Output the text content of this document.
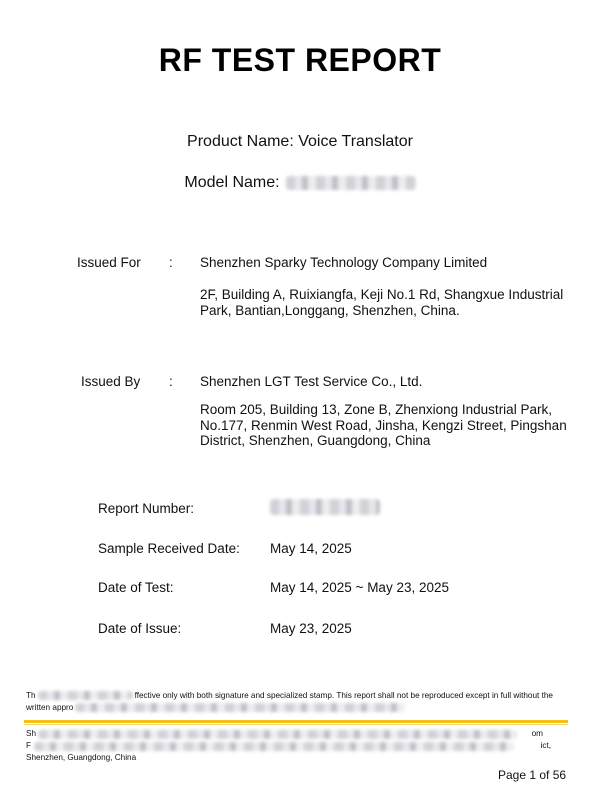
RF TEST REPORT
Product Name: Voice Translator
Model Name:
Issued For : Shenzhen Sparky Technology Company Limited
2F, Building A, Ruixiangfa, Keji No.1 Rd, Shangxue Industrial Park, Bantian,Longgang, Shenzhen, China.
Issued By : Shenzhen LGT Test Service Co., Ltd.
Room 205, Building 13, Zone B, Zhenxiong Industrial Park, No.177, Renmin West Road, Jinsha, Kengzi Street, Pingshan District, Shenzhen, Guangdong, China
Report Number:
Sample Received Date: May 14, 2025
Date of Test:	May 14, 2025 ~ May 23, 2025
Date of Issue:	May 23, 2025
Th	ffective only with both signature and specialized stamp. This report shall not be reproduced except in full without the
written appro
Sh	om
F	ict,
Shenzhen, Guangdong, China
Page 1 of 56
